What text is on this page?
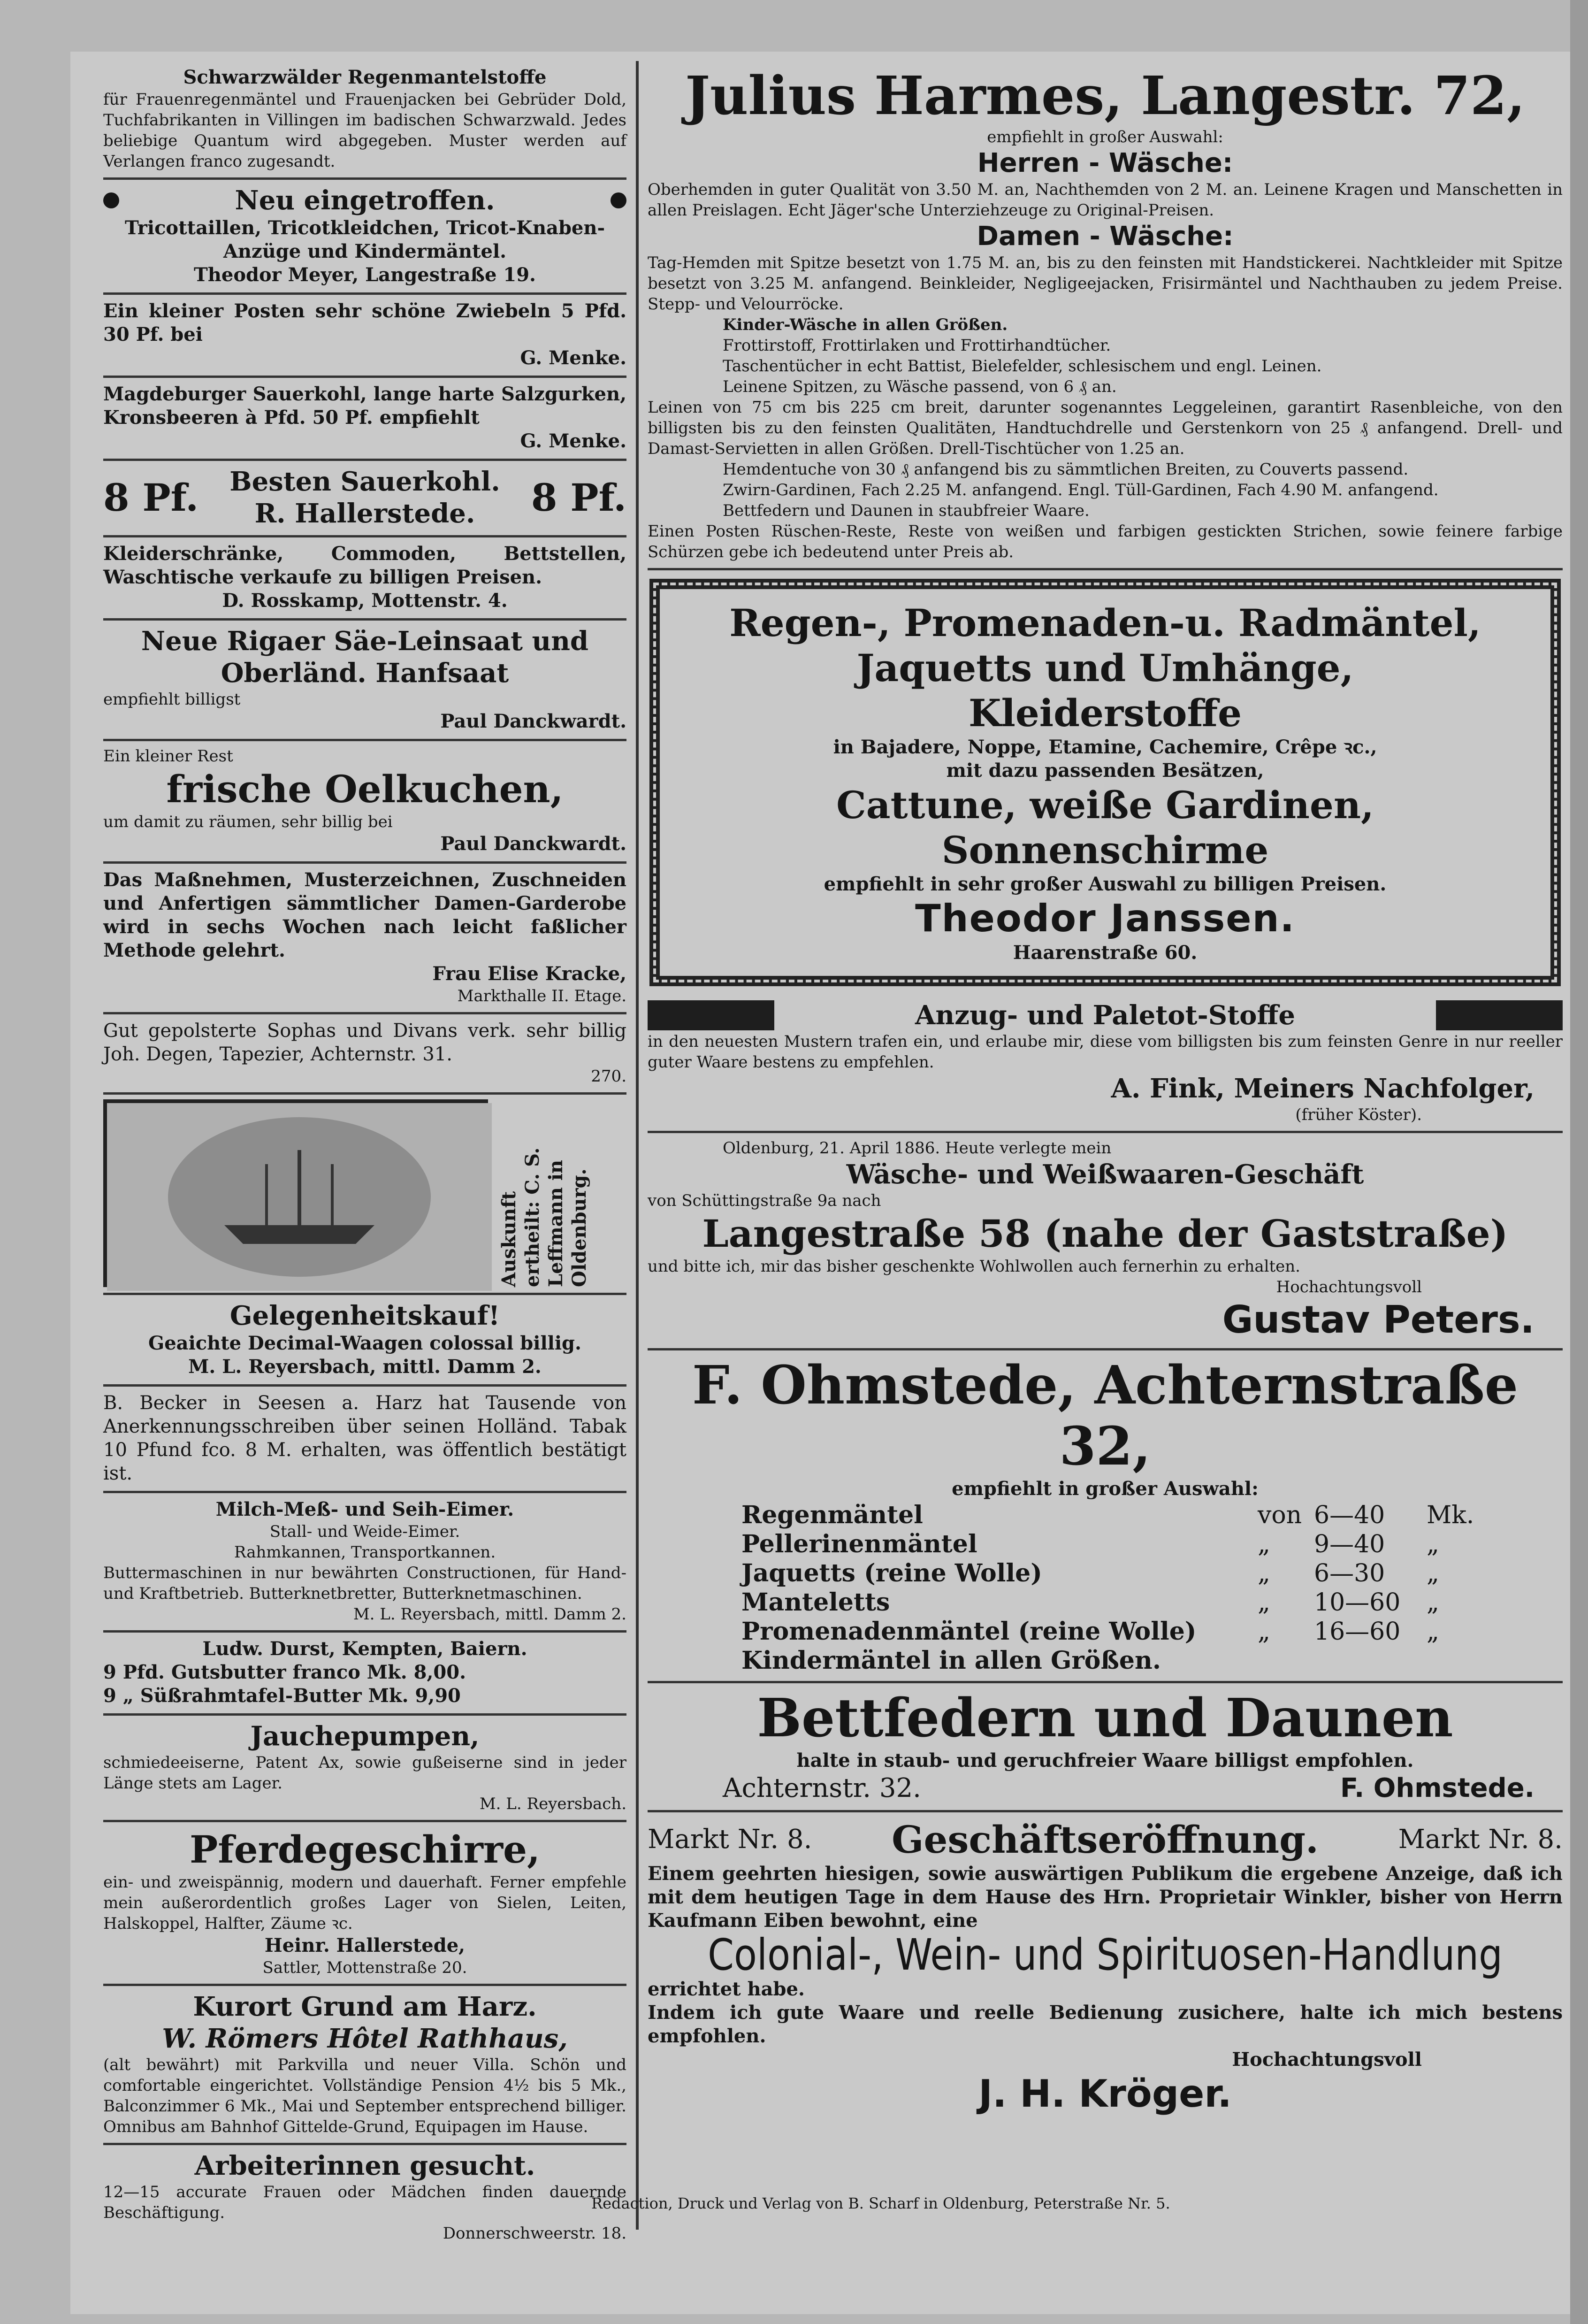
Schwarzwälder Regenmantelstoffe

für Frauenregenmäntel und Frauenjacken bei Gebrüder Dold, Tuchfabrikanten in Villingen im badischen Schwarzwald. Jedes beliebige Quantum wird abgegeben. Muster werden auf Verlangen franco zugesandt.

Neu eingetroffen.

Tricottaillen, Tricotkleidchen, Tricot-Knaben-Anzüge und Kindermäntel.

Theodor Meyer, Langestraße 19.

Ein kleiner Posten sehr schöne Zwiebeln 5 Pfd. 30 Pf. bei

G. Menke.

Magdeburger Sauerkohl, lange harte Salzgurken, Kronsbeeren à Pfd. 50 Pf. empfiehlt

G. Menke.

8 Pf. Besten Sauerkohl.

R. Hallerstede.	8 Pf.

Kleiderschränke, Commoden, Bettstellen, Waschtische verkaufe zu billigen Preisen.

D. Rosskamp, Mottenstr. 4.

Neue Rigaer Säe-Leinsaat und Oberländ. Hanfsaat

empfiehlt billigst

Paul Danckwardt.

Ein kleiner Rest

frische Oelkuchen,

um damit zu räumen, sehr billig bei

Paul Danckwardt.

Das Maßnehmen, Musterzeichnen, Zuschneiden und Anfertigen sämmtlicher Damen-Garderobe wird in sechs Wochen nach leicht faßlicher Methode gelehrt.

Frau Elise Kracke,

Markthalle II. Etage.

Gut gepolsterte Sophas und Divans verk. sehr billig Joh. Degen, Tapezier, Achternstr. 31.

270.

Auskunft ertheilt: C. S. Leffmann in Oldenburg.

Gelegenheitskauf!

Geaichte Decimal-Waagen colossal billig.

M. L. Reyersbach, mittl. Damm 2.

B. Becker in Seesen a. Harz hat Tausende von Anerkennungsschreiben über seinen Holländ. Tabak 10 Pfund fco. 8 M. erhalten, was öffentlich bestätigt ist.

Milch-Meß- und Seih-Eimer.

Stall- und Weide-Eimer.

Rahmkannen, Transportkannen.

Buttermaschinen in nur bewährten Constructionen, für Hand- und Kraftbetrieb. Butterknetbretter, Butterknetmaschinen.

M. L. Reyersbach, mittl. Damm 2.

Ludw. Durst, Kempten, Baiern.

9 Pfd. Gutsbutter franco Mk. 8,00.

9 „ Süßrahmtafel-Butter Mk. 9,90

Jauchepumpen,

schmiedeeiserne, Patent Ax, sowie gußeiserne sind in jeder Länge stets am Lager.

M. L. Reyersbach.

Pferdegeschirre,

ein- und zweispännig, modern und dauerhaft. Ferner empfehle mein außerordentlich großes Lager von Sielen, Leiten, Halskoppel, Halfter, Zäume ꝛc.

Heinr. Hallerstede,

Sattler, Mottenstraße 20.

Kurort Grund am Harz.

W. Römers Hôtel Rathhaus,

(alt bewährt) mit Parkvilla und neuer Villa. Schön und comfortable eingerichtet. Vollständige Pension 4½ bis 5 Mk., Balconzimmer 6 Mk., Mai und September entsprechend billiger. Omnibus am Bahnhof Gittelde-Grund, Equipagen im Hause.

Arbeiterinnen gesucht.

12—15 accurate Frauen oder Mädchen finden dauernde Beschäftigung.

Donnerschweerstr. 18.

Julius Harmes, Langestr. 72,

empfiehlt in großer Auswahl:

Herren - Wäsche:

Oberhemden in guter Qualität von 3.50 M. an, Nachthemden von 2 M. an. Leinene Kragen und Manschetten in allen Preislagen. Echt Jäger'sche Unterziehzeuge zu Original-Preisen.

Damen - Wäsche:

Tag-Hemden mit Spitze besetzt von 1.75 M. an, bis zu den feinsten mit Handstickerei. Nachtkleider mit Spitze besetzt von 3.25 M. anfangend. Beinkleider, Negligeejacken, Frisirmäntel und Nachthauben zu jedem Preise. Stepp- und Velourröcke.

Kinder-Wäsche in allen Größen.

Frottirstoff, Frottirlaken und Frottirhandtücher.

Taschentücher in echt Battist, Bielefelder, schlesischem und engl. Leinen.

Leinene Spitzen, zu Wäsche passend, von 6 ₰ an.

Leinen von 75 cm bis 225 cm breit, darunter sogenanntes Leggeleinen, garantirt Rasenbleiche, von den billigsten bis zu den feinsten Qualitäten, Handtuchdrelle und Gerstenkorn von 25 ₰ anfangend. Drell- und Damast-Servietten in allen Größen. Drell-Tischtücher von 1.25 an.

Hemdentuche von 30 ₰ anfangend bis zu sämmtlichen Breiten, zu Couverts passend.

Zwirn-Gardinen, Fach 2.25 M. anfangend. Engl. Tüll-Gardinen, Fach 4.90 M. anfangend.

Bettfedern und Daunen in staubfreier Waare.

Einen Posten Rüschen-Reste, Reste von weißen und farbigen gestickten Strichen, sowie feinere farbige Schürzen gebe ich bedeutend unter Preis ab.

Regen-, Promenaden-u. Radmäntel,

Jaquetts und Umhänge,

Kleiderstoffe

in Bajadere, Noppe, Etamine, Cachemire, Crêpe ꝛc.,

mit dazu passenden Besätzen,

Cattune, weiße Gardinen,

Sonnenschirme

empfiehlt in sehr großer Auswahl zu billigen Preisen.

Theodor Janssen.

Haarenstraße 60.

Anzug- und Paletot-Stoffe

in den neuesten Mustern trafen ein, und erlaube mir, diese vom billigsten bis zum feinsten Genre in nur reeller guter Waare bestens zu empfehlen.

A. Fink, Meiners Nachfolger,

(früher Köster).

Oldenburg, 21. April 1886. Heute verlegte mein

Wäsche- und Weißwaaren-Geschäft

von Schüttingstraße 9a nach

Langestraße 58 (nahe der Gaststraße)

und bitte ich, mir das bisher geschenkte Wohlwollen auch fernerhin zu erhalten.

Hochachtungsvoll

Gustav Peters.

F. Ohmstede, Achternstraße 32,

empfiehlt in großer Auswahl:

Regenmäntel	von 6—40	Mk.
Pellerinenmäntel	„	9—40	„
Jaquetts (reine Wolle)	„	6—30	„
Manteletts	„	10—60	„
Promenadenmäntel (reine Wolle)	„	16—60	„
Kindermäntel in allen Größen.

Bettfedern und Daunen

halte in staub- und geruchfreier Waare billigst empfohlen.

Achternstr. 32.	F. Ohmstede.

Markt Nr. 8. Geschäftseröffnung.	Markt Nr. 8.

Einem geehrten hiesigen, sowie auswärtigen Publikum die ergebene Anzeige, daß ich mit dem heutigen Tage in dem Hause des Hrn. Proprietair Winkler, bisher von Herrn Kaufmann Eiben bewohnt, eine

Colonial-, Wein- und Spirituosen-Handlung

errichtet habe.

Indem ich gute Waare und reelle Bedienung zusichere, halte ich mich bestens empfohlen.

Hochachtungsvoll

J. H. Kröger.

Redaction, Druck und Verlag von B. Scharf in Oldenburg, Peterstraße Nr. 5.
